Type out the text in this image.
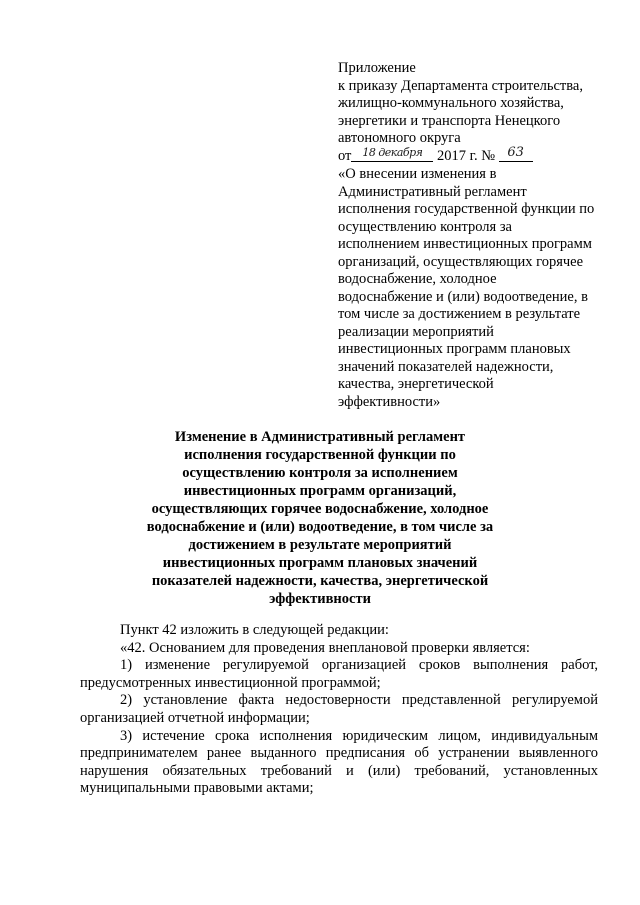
Приложение
к приказу Департамента строительства,
жилищно-коммунального хозяйства,
энергетики и транспорта Ненецкого
автономного округа
от 18 декабря 2017 г. № 63
«О внесении изменения в
Административный регламент
исполнения государственной функции по
осуществлению контроля за
исполнением инвестиционных программ
организаций, осуществляющих горячее
водоснабжение, холодное
водоснабжение и (или) водоотведение, в
том числе за достижением в результате
реализации мероприятий
инвестиционных программ плановых
значений показателей надежности,
качества, энергетической
эффективности»
Изменение в Административный регламент
исполнения государственной функции по
осуществлению контроля за исполнением
инвестиционных программ организаций,
осуществляющих горячее водоснабжение, холодное
водоснабжение и (или) водоотведение, в том числе за
достижением в результате мероприятий
инвестиционных программ плановых значений
показателей надежности, качества, энергетической
эффективности

Пункт 42 изложить в следующей редакции:

«42. Основанием для проведения внеплановой проверки является:

1) изменение регулируемой организацией сроков выполнения работ, предусмотренных инвестиционной программой;

2) установление факта недостоверности представленной регулируемой организацией отчетной информации;

3) истечение срока исполнения юридическим лицом, индивидуальным предпринимателем ранее выданного предписания об устранении выявленного нарушения обязательных требований и (или) требований, установленных муниципальными правовыми актами;
